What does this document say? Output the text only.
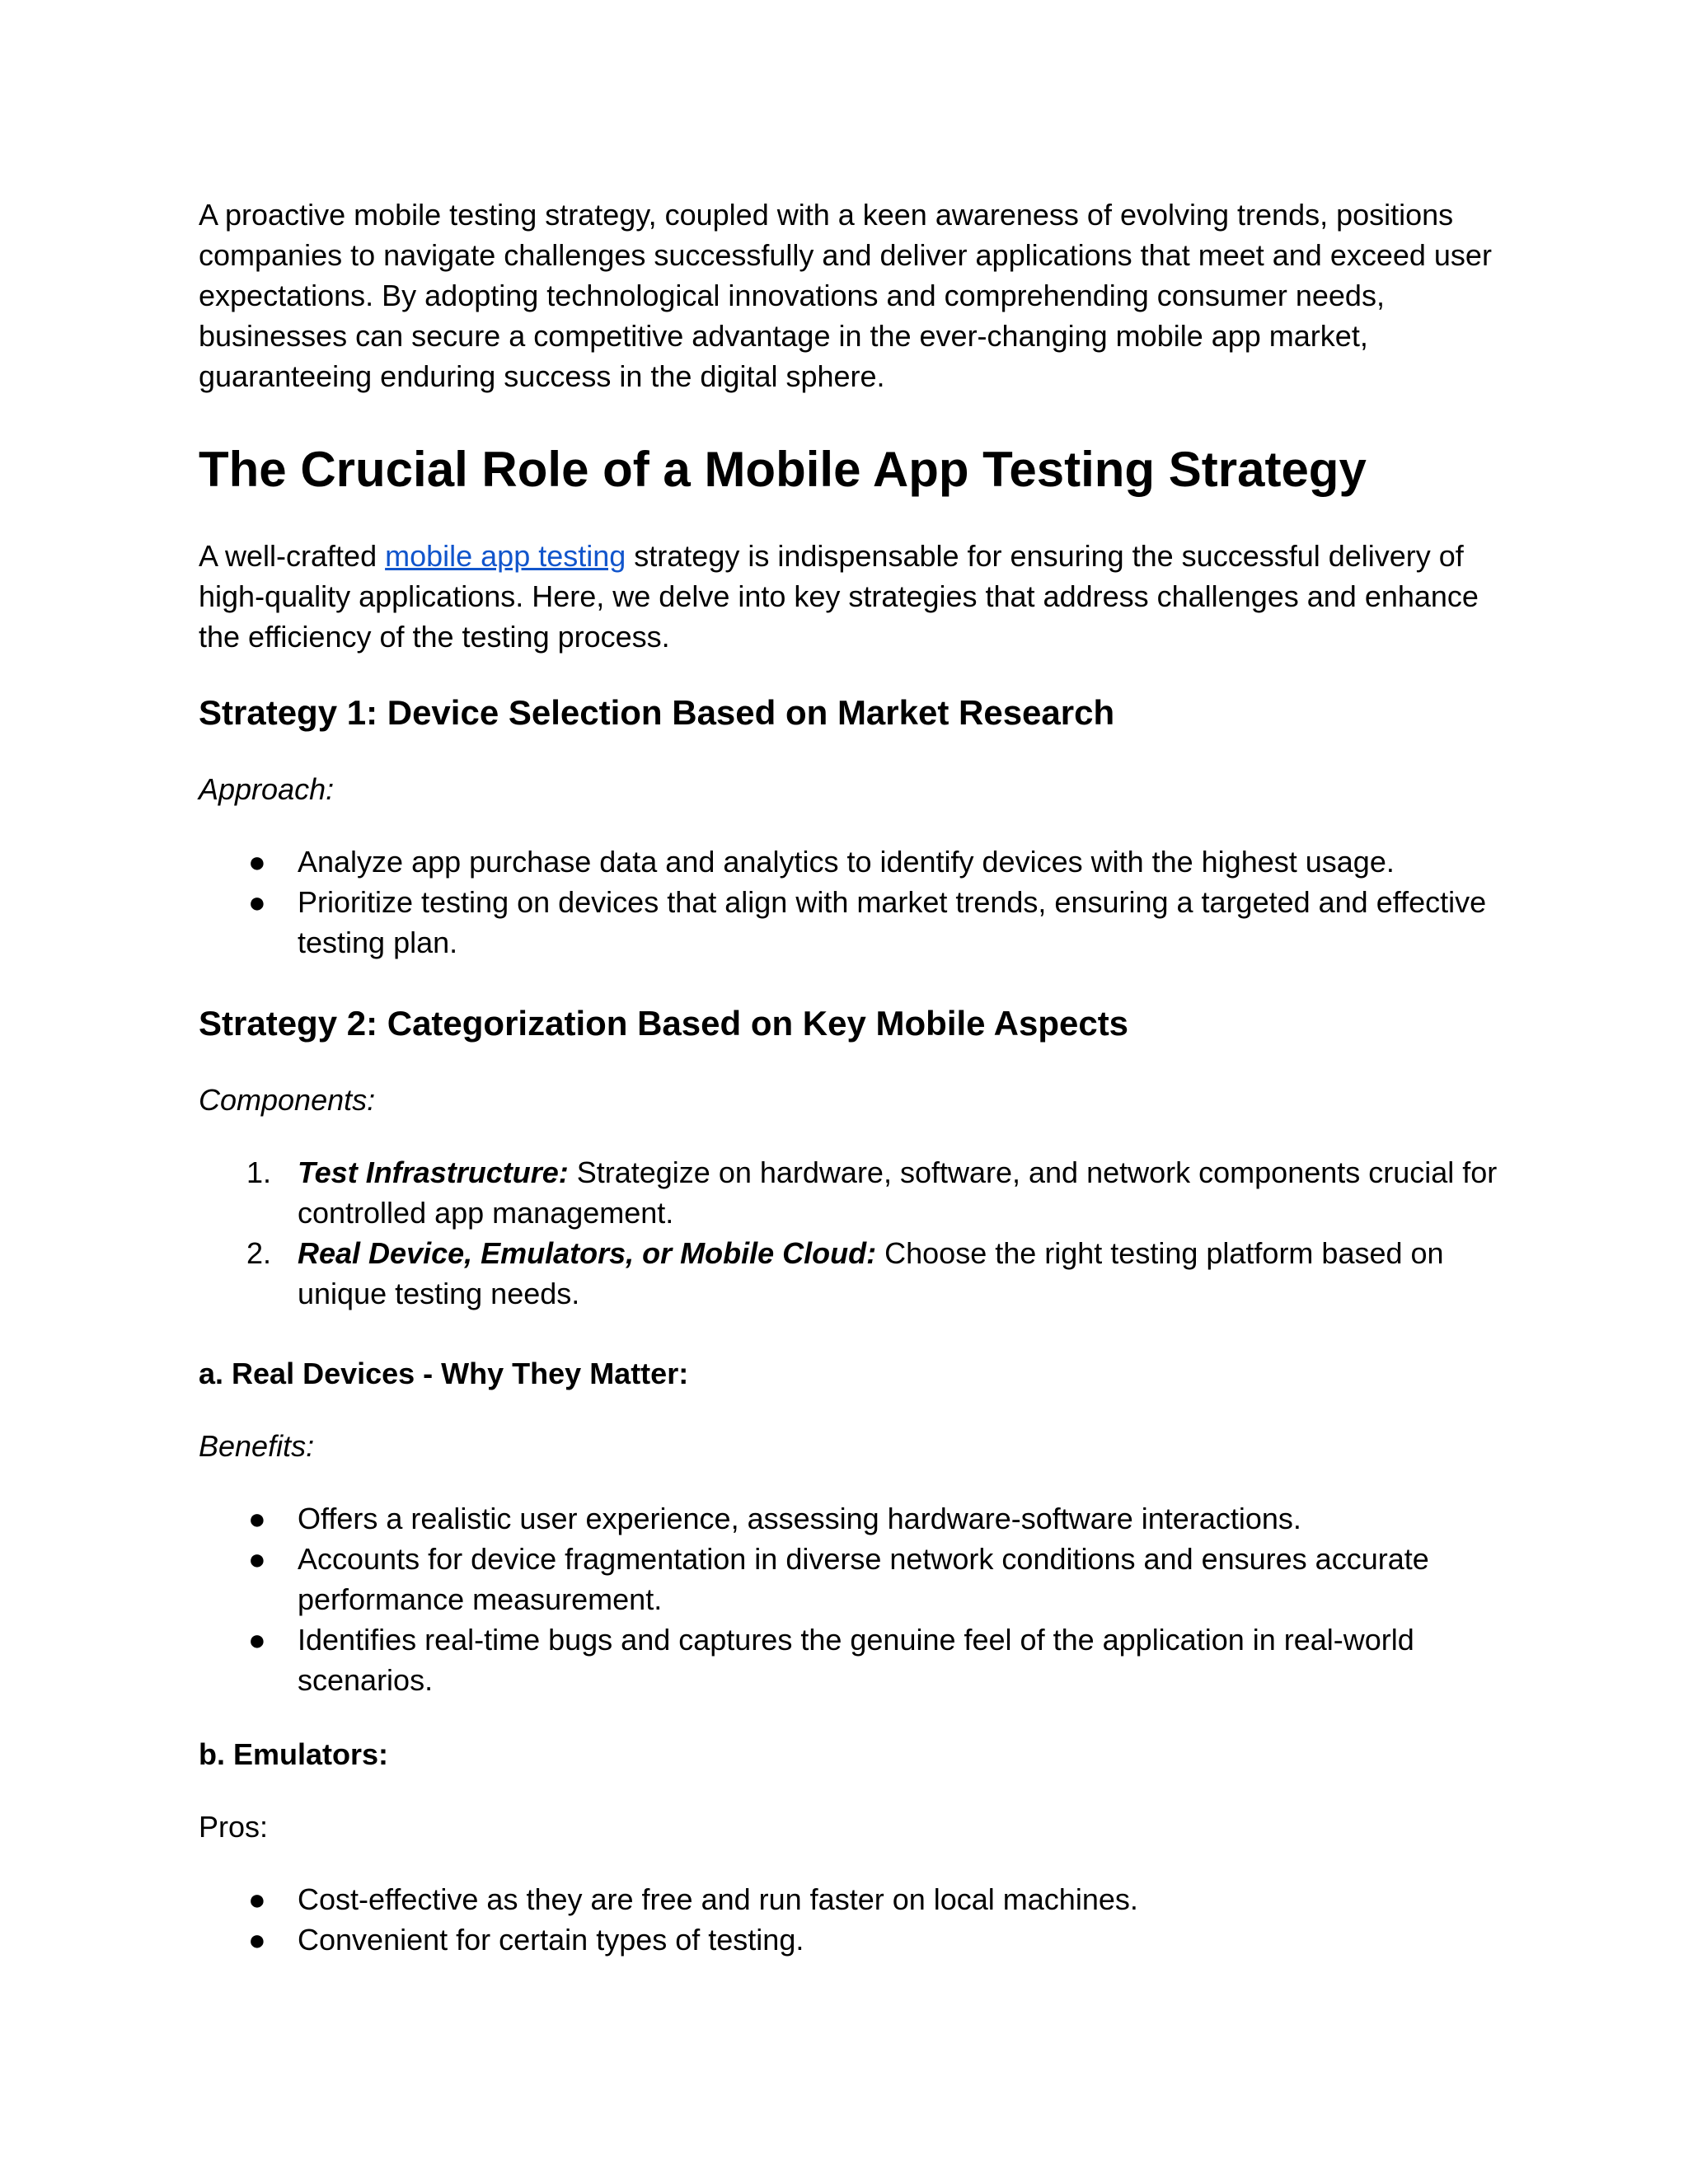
A proactive mobile testing strategy, coupled with a keen awareness of evolving trends, positions companies to navigate challenges successfully and deliver applications that meet and exceed user expectations. By adopting technological innovations and comprehending consumer needs, businesses can secure a competitive advantage in the ever-changing mobile app market, guaranteeing enduring success in the digital sphere.

The Crucial Role of a Mobile App Testing Strategy

A well-crafted mobile app testing strategy is indispensable for ensuring the successful delivery of high-quality applications. Here, we delve into key strategies that address challenges and enhance the efficiency of the testing process.

Strategy 1: Device Selection Based on Market Research

Approach:

● Analyze app purchase data and analytics to identify devices with the highest usage.
● Prioritize testing on devices that align with market trends, ensuring a targeted and effective testing plan.
Strategy 2: Categorization Based on Key Mobile Aspects

Components:

1. Test Infrastructure: Strategize on hardware, software, and network components crucial for controlled app management.
2. Real Device, Emulators, or Mobile Cloud: Choose the right testing platform based on unique testing needs.
a. Real Devices - Why They Matter:

Benefits:

● Offers a realistic user experience, assessing hardware-software interactions.
● Accounts for device fragmentation in diverse network conditions and ensures accurate performance measurement.
● Identifies real-time bugs and captures the genuine feel of the application in real-world scenarios.
b. Emulators:

Pros:

● Cost-effective as they are free and run faster on local machines.
● Convenient for certain types of testing.
